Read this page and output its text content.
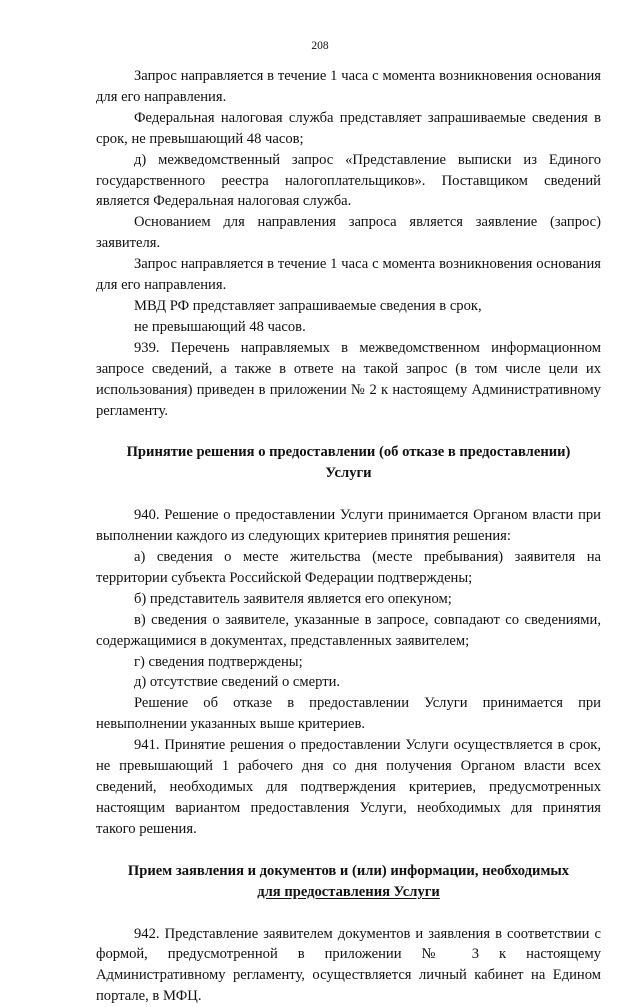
208

Запрос направляется в течение 1 часа с момента возникновения основания для его направления.

Федеральная налоговая служба представляет запрашиваемые сведения в срок, не превышающий 48 часов;

д) межведомственный запрос «Представление выписки из Единого государственного реестра налогоплательщиков». Поставщиком сведений является Федеральная налоговая служба.

Основанием для направления запроса является заявление (запрос) заявителя.

Запрос направляется в течение 1 часа с момента возникновения основания для его направления.

МВД РФ представляет запрашиваемые сведения в срок,

не превышающий 48 часов.

939. Перечень направляемых в межведомственном информационном запросе сведений, а также в ответе на такой запрос (в том числе цели их использования) приведен в приложении № 2 к настоящему Административному регламенту.

Принятие решения о предоставлении (об отказе в предоставлении)
Услуги

940. Решение о предоставлении Услуги принимается Органом власти при выполнении каждого из следующих критериев принятия решения:

а) сведения о месте жительства (месте пребывания) заявителя на территории субъекта Российской Федерации подтверждены;

б) представитель заявителя является его опекуном;

в) сведения о заявителе, указанные в запросе, совпадают со сведениями, содержащимися в документах, представленных заявителем;

г) сведения подтверждены;

д) отсутствие сведений о смерти.

Решение об отказе в предоставлении Услуги принимается при невыполнении указанных выше критериев.

941. Принятие решения о предоставлении Услуги осуществляется в срок, не превышающий 1 рабочего дня со дня получения Органом власти всех сведений, необходимых для подтверждения критериев, предусмотренных настоящим вариантом предоставления Услуги, необходимых для принятия такого решения.

Прием заявления и документов и (или) информации, необходимых
для предоставления Услуги

942. Представление заявителем документов и заявления в соответствии с формой, предусмотренной в приложении № 3 к настоящему Административному регламенту, осуществляется личный кабинет на Едином портале, в МФЦ.
